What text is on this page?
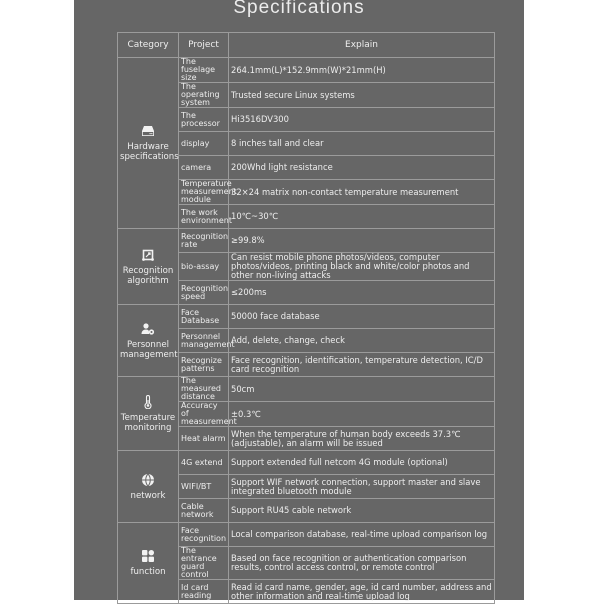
Specifications
Category	Project	Explain

Hardware specifications	The fuselage size	264.1mm(L)*152.9mm(W)*21mm(H)
	The operating system	Trusted secure Linux systems
	The processor	Hi3516DV300
	display	8 inches tall and clear
	camera	200Whd light resistance
	Temperature measurement module	32×24 matrix non-contact temperature measurement
	The work environment	10℃~30℃

Recognition algorithm	Recognition rate	≥99.8%
	bio-assay	Can resist mobile phone photos/videos, computer photos/videos, printing black and white/color photos and other non-living attacks
	Recognition speed	≤200ms

Personnel management	Face Database	50000 face database
	Personnel management	Add, delete, change, check
	Recognize patterns	Face recognition, identification, temperature detection, IC/D card recognition

Temperature monitoring	The measured distance	50cm
	Accuracy of measurement	±0.3℃
	Heat alarm	When the temperature of human body exceeds 37.3℃ (adjustable), an alarm will be issued

network	4G extend	Support extended full netcom 4G module (optional)
	WIFI/BT	Support WIF network connection, support master and slave integrated bluetooth module
	Cable network	Support RU45 cable network

function	Face recognition	Local comparison database, real-time upload comparison log
	The entrance guard control	Based on face recognition or authentication comparison results, control access control, or remote control
	Id card reading	Read id card name, gender, age, id card number, address and other information and real-time upload log
